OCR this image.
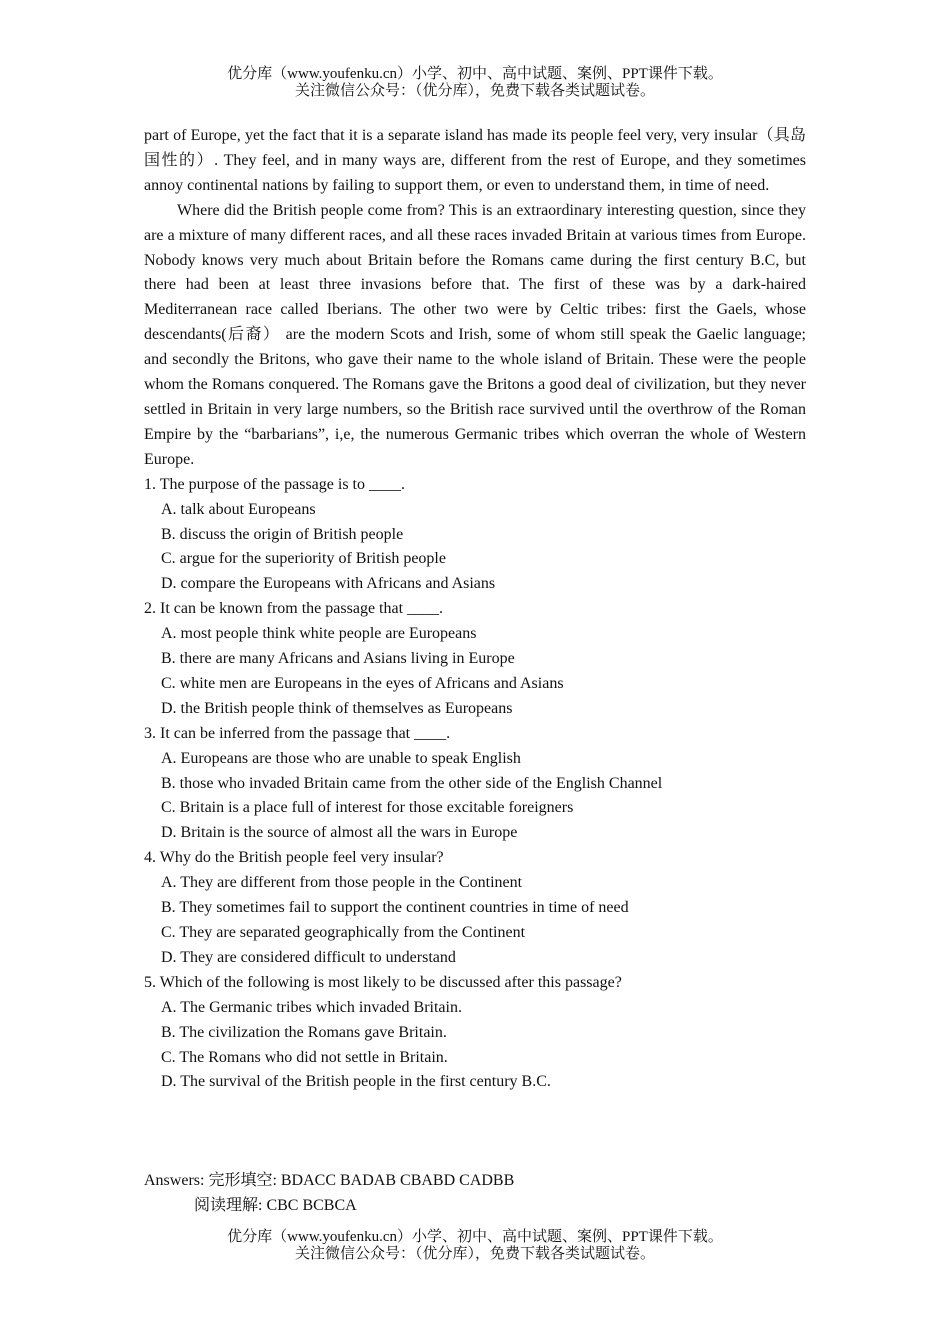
优分库（www.youfenku.cn）小学、初中、高中试题、案例、PPT课件下载。
关注微信公众号：（优分库），免费下载各类试题试卷。

part of Europe, yet the fact that it is a separate island has made its people feel very, very insular（具岛国性的）. They feel, and in many ways are, different from the rest of Europe, and they sometimes annoy continental nations by failing to support them, or even to understand them, in time of need.

Where did the British people come from? This is an extraordinary interesting question, since they are a mixture of many different races, and all these races invaded Britain at various times from Europe. Nobody knows very much about Britain before the Romans came during the first century B.C, but there had been at least three invasions before that. The first of these was by a dark-haired Mediterranean race called Iberians. The other two were by Celtic tribes: first the Gaels, whose descendants(后裔） are the modern Scots and Irish, some of whom still speak the Gaelic language; and secondly the Britons, who gave their name to the whole island of Britain. These were the people whom the Romans conquered. The Romans gave the Britons a good deal of civilization, but they never settled in Britain in very large numbers, so the British race survived until the overthrow of the Roman Empire by the “barbarians”, i,e, the numerous Germanic tribes which overran the whole of Western Europe.

1. The purpose of the passage is to ____.

A. talk about Europeans

B. discuss the origin of British people

C. argue for the superiority of British people

D. compare the Europeans with Africans and Asians

2. It can be known from the passage that ____.

A. most people think white people are Europeans

B. there are many Africans and Asians living in Europe

C. white men are Europeans in the eyes of Africans and Asians

D. the British people think of themselves as Europeans

3. It can be inferred from the passage that ____.

A. Europeans are those who are unable to speak English

B. those who invaded Britain came from the other side of the English Channel

C. Britain is a place full of interest for those excitable foreigners

D. Britain is the source of almost all the wars in Europe

4. Why do the British people feel very insular?

A. They are different from those people in the Continent

B. They sometimes fail to support the continent countries in time of need

C. They are separated geographically from the Continent

D. They are considered difficult to understand

5. Which of the following is most likely to be discussed after this passage?

A. The Germanic tribes which invaded Britain.

B. The civilization the Romans gave Britain.

C. The Romans who did not settle in Britain.

D. The survival of the British people in the first century B.C.

Answers: 完形填空: BDACC BADAB CBABD CADBB
阅读理解: CBC BCBCA
优分库（www.youfenku.cn）小学、初中、高中试题、案例、PPT课件下载。
关注微信公众号：（优分库），免费下载各类试题试卷。
